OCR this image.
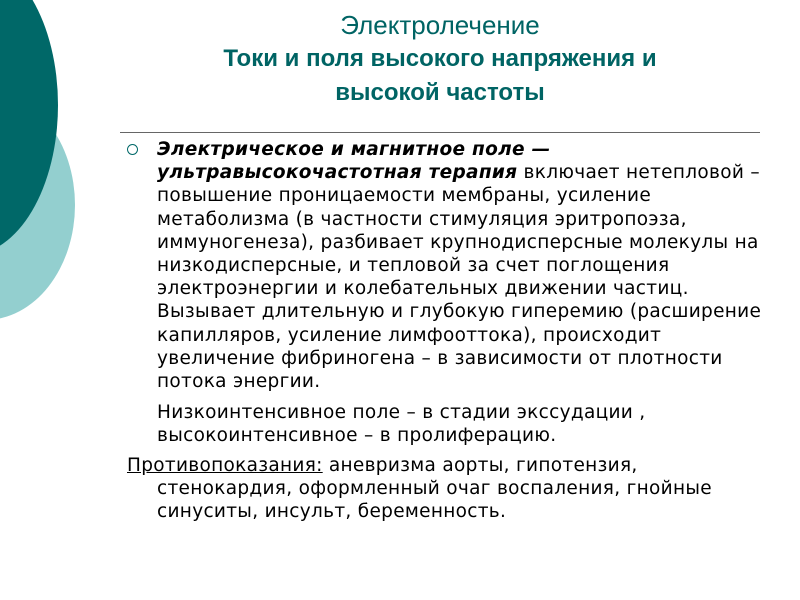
Электролечение
Токи и поля высокого напряжения и
высокой частоты
Электрическое и магнитное поле — ультравысокочастотная терапия включает нетепловой – повышение проницаемости мембраны, усиление метаболизма (в частности стимуляция эритропоэза, иммуногенеза), разбивает крупнодисперсные молекулы на низкодисперсные, и тепловой за счет поглощения электроэнергии и колебательных движении частиц. Вызывает длительную и глубокую гиперемию (расширение капилляров, усиление лимфооттока), происходит увеличение фибриногена – в зависимости от плотности потока энергии.
Низкоинтенсивное поле – в стадии экссудации , высокоинтенсивное – в пролиферацию.
Противопоказания: аневризма аорты, гипотензия,
стенокардия, оформленный очаг воспаления, гнойные синуситы, инсульт, беременность.
